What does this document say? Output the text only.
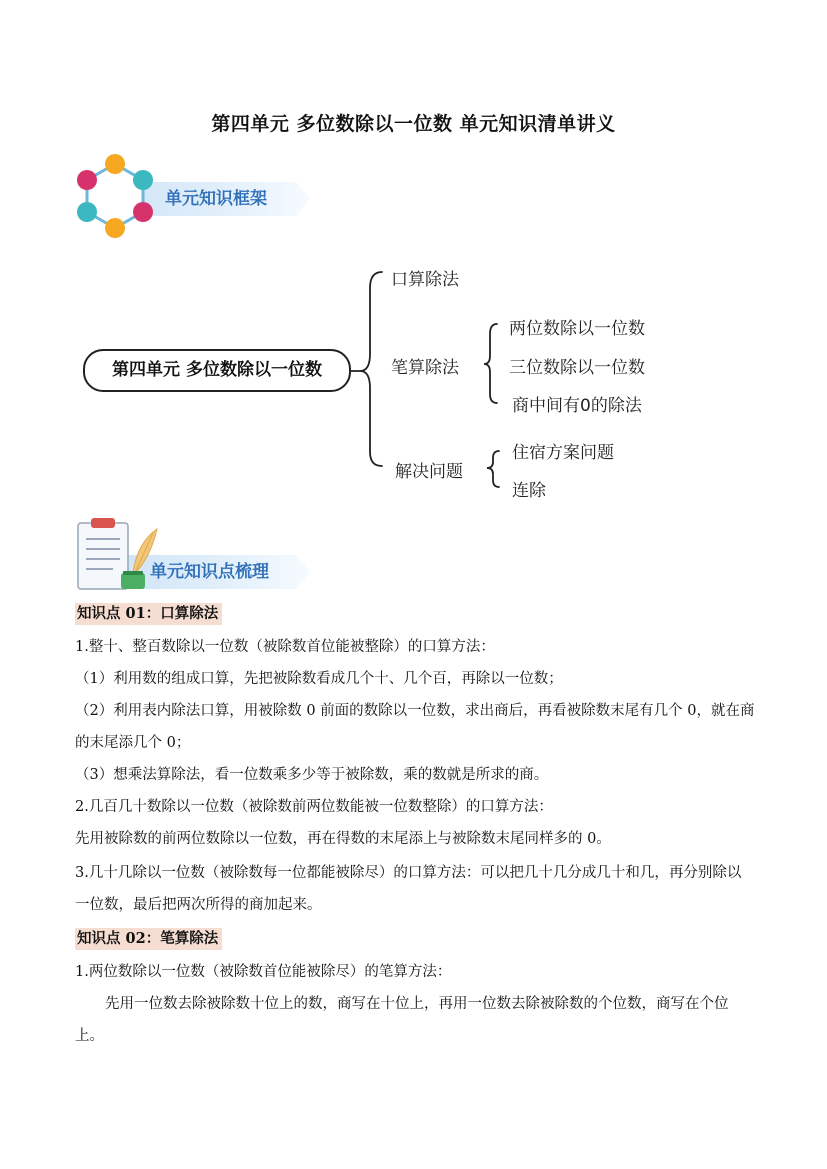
第四单元 多位数除以一位数 单元知识清单讲义
单元知识框架
第四单元 多位数除以一位数
口算除法
笔算除法
解决问题
两位数除以一位数
三位数除以一位数
商中间有0的除法
住宿方案问题
连除
单元知识点梳理
知识点 01：口算除法
1.整十、整百数除以一位数（被除数首位能被整除）的口算方法：
（1）利用数的组成口算，先把被除数看成几个十、几个百，再除以一位数；
（2）利用表内除法口算，用被除数 0 前面的数除以一位数，求出商后，再看被除数末尾有几个 0，就在商的末尾添几个 0；
（3）想乘法算除法，看一位数乘多少等于被除数，乘的数就是所求的商。
2.几百几十数除以一位数（被除数前两位数能被一位数整除）的口算方法：
先用被除数的前两位数除以一位数，再在得数的末尾添上与被除数末尾同样多的 0。
3.几十几除以一位数（被除数每一位都能被除尽）的口算方法：可以把几十几分成几十和几，再分别除以一位数，最后把两次所得的商加起来。
知识点 02：笔算除法
1.两位数除以一位数（被除数首位能被除尽）的笔算方法：
先用一位数去除被除数十位上的数，商写在十位上，再用一位数去除被除数的个位数，商写在个位上。
